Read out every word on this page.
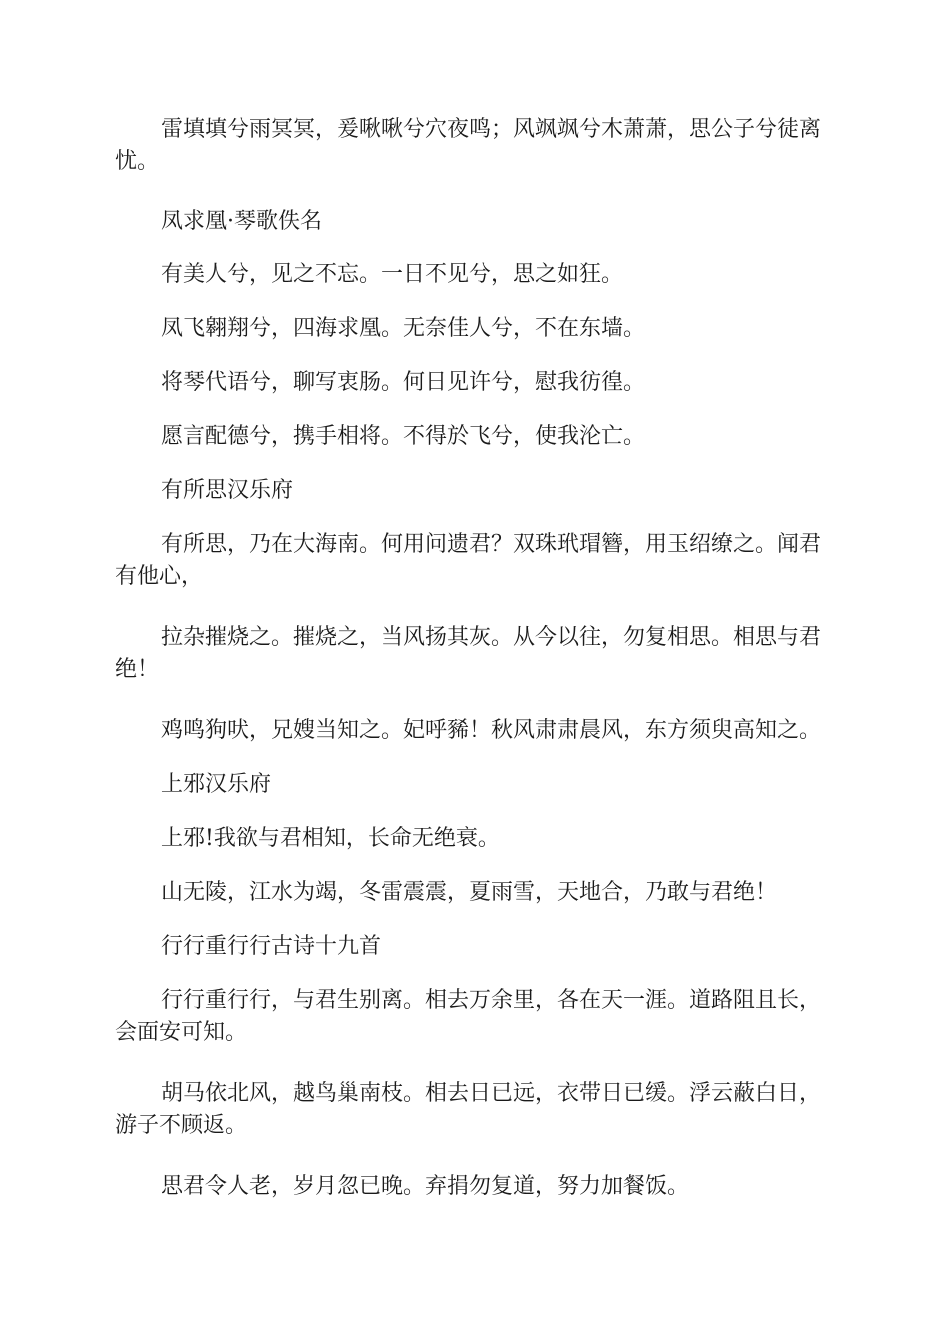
雷填填兮雨冥冥，爰啾啾兮穴夜鸣；风飒飒兮木萧萧，思公子兮徒离忧。

凤求凰·琴歌佚名

有美人兮，见之不忘。一日不见兮，思之如狂。

凤飞翱翔兮，四海求凰。无奈佳人兮，不在东墙。

将琴代语兮，聊写衷肠。何日见许兮，慰我彷徨。

愿言配德兮，携手相将。不得於飞兮，使我沦亡。

有所思汉乐府

有所思，乃在大海南。何用问遗君？双珠玳瑁簪，用玉绍缭之。闻君有他心，

拉杂摧烧之。摧烧之，当风扬其灰。从今以往，勿复相思。相思与君绝！

鸡鸣狗吠，兄嫂当知之。妃呼豨！秋风肃肃晨风，东方须臾高知之。

上邪汉乐府

上邪!我欲与君相知，长命无绝衰。

山无陵，江水为竭，冬雷震震，夏雨雪，天地合，乃敢与君绝！

行行重行行古诗十九首

行行重行行，与君生别离。相去万余里，各在天一涯。道路阻且长，会面安可知。

胡马依北风，越鸟巢南枝。相去日已远，衣带日已缓。浮云蔽白日，游子不顾返。

思君令人老，岁月忽已晚。弃捐勿复道，努力加餐饭。
